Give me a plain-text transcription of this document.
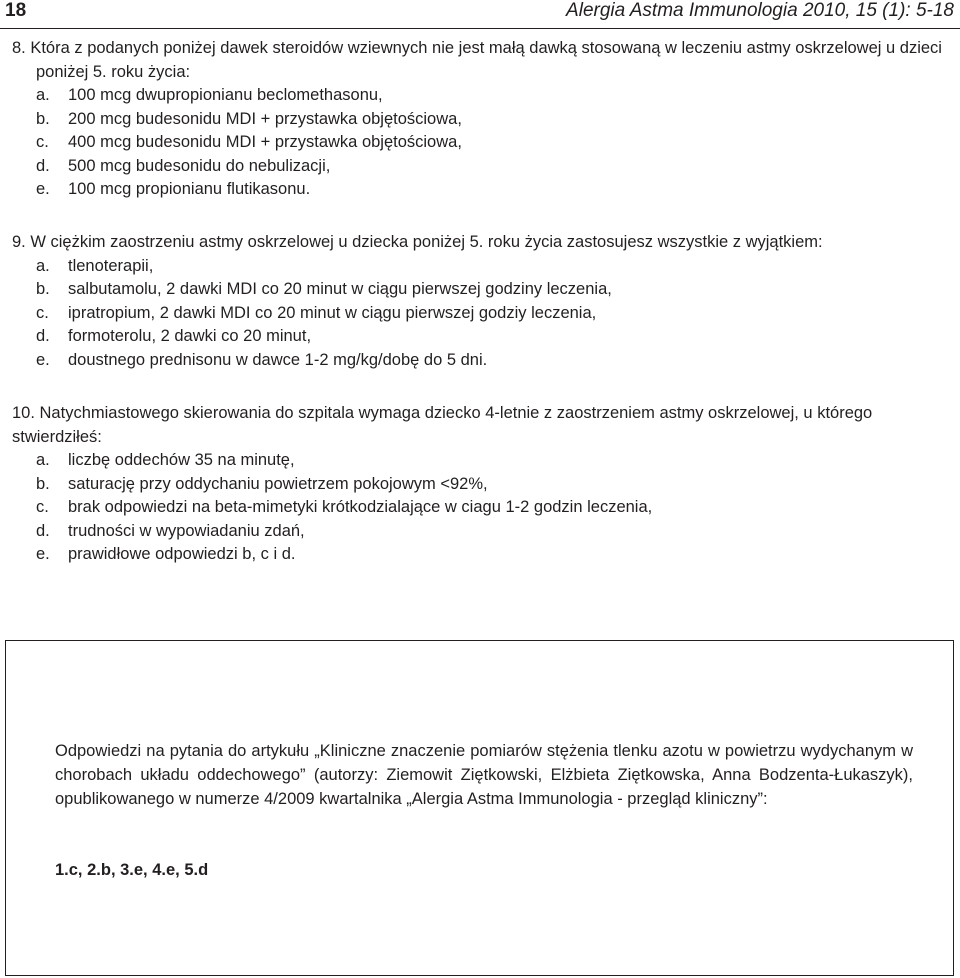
18	Alergia Astma Immunologia 2010, 15 (1): 5-18

8. Która z podanych poniżej dawek steroidów wziewnych nie jest małą dawką stosowaną w leczeniu astmy oskrzelowej u dzieci poniżej 5. roku życia:

a.	100 mcg dwupropionianu beclomethasonu,
b.	200 mcg budesonidu MDI + przystawka objętościowa,
c.	400 mcg budesonidu MDI + przystawka objętościowa,
d.	500 mcg budesonidu do nebulizacji,
e.	100 mcg propionianu flutikasonu.

9. W ciężkim zaostrzeniu astmy oskrzelowej u dziecka poniżej 5. roku życia zastosujesz wszystkie z wyjątkiem:

a.	tlenoterapii,
b.	salbutamolu, 2 dawki MDI co 20 minut w ciągu pierwszej godziny leczenia,
c.	ipratropium, 2 dawki MDI co 20 minut w ciągu pierwszej godziy leczenia,
d.	formoterolu, 2 dawki co 20 minut,
e.	doustnego prednisonu w dawce 1-2 mg/kg/dobę do 5 dni.

10. Natychmiastowego skierowania do szpitala wymaga dziecko 4-letnie z zaostrzeniem astmy oskrzelowej, u którego stwierdziłeś:

a.	liczbę oddechów 35 na minutę,
b.	saturację przy oddychaniu powietrzem pokojowym <92%,
c.	brak odpowiedzi na beta-mimetyki krótkodzialające w ciagu 1-2 godzin leczenia,
d.	trudności w wypowiadaniu zdań,
e.	prawidłowe odpowiedzi b, c i d.

Odpowiedzi na pytania do artykułu „Kliniczne znaczenie pomiarów stężenia tlenku azotu w powietrzu wydychanym w chorobach układu oddechowego” (autorzy: Ziemowit Ziętkowski, Elżbieta Ziętkowska, Anna Bodzenta-Łukaszyk), opublikowanego w numerze 4/2009 kwartalnika „Alergia Astma Immunologia - przegląd kliniczny”:

1.c, 2.b, 3.e, 4.e, 5.d
